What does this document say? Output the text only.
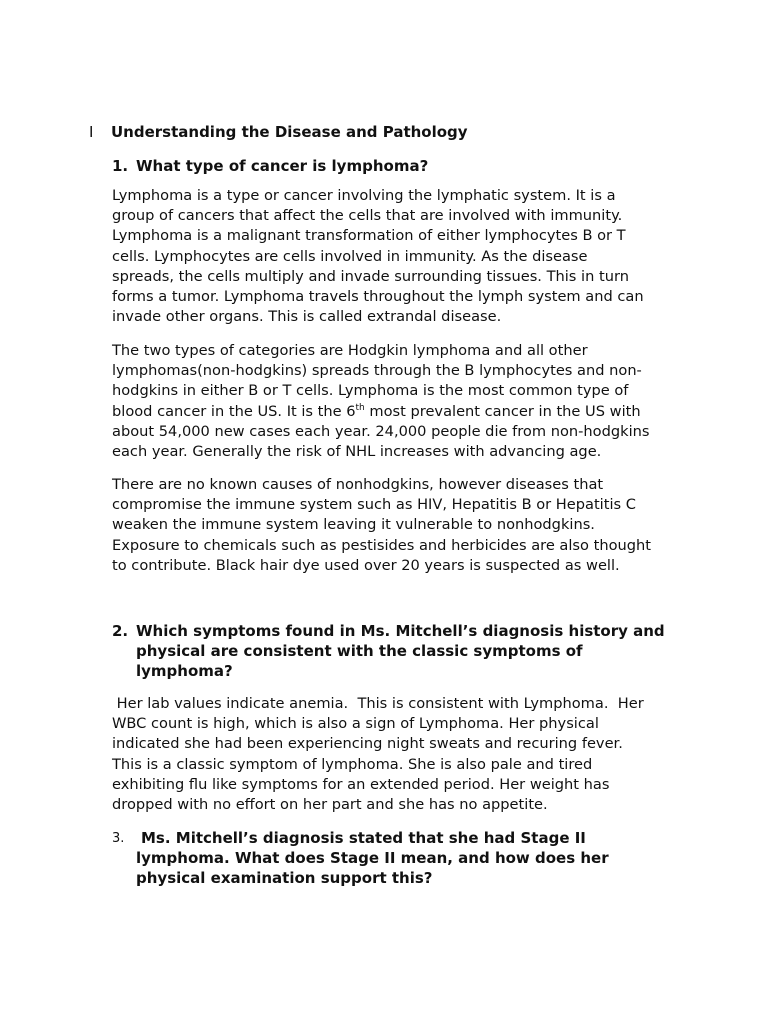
I Understanding the Disease and Pathology
1. What type of cancer is lymphoma?
Lymphoma is a type or cancer involving the lymphatic system. It is a
group of cancers that affect the cells that are involved with immunity.
Lymphoma is a malignant transformation of either lymphocytes B or T
cells. Lymphocytes are cells involved in immunity. As the disease
spreads, the cells multiply and invade surrounding tissues. This in turn
forms a tumor. Lymphoma travels throughout the lymph system and can
invade other organs. This is called extrandal disease.
The two types of categories are Hodgkin lymphoma and all other
lymphomas(non-hodgkins) spreads through the B lymphocytes and non-
hodgkins in either B or T cells. Lymphoma is the most common type of
blood cancer in the US. It is the 6th most prevalent cancer in the US with
about 54,000 new cases each year. 24,000 people die from non-hodgkins
each year. Generally the risk of NHL increases with advancing age.
There are no known causes of nonhodgkins, however diseases that
compromise the immune system such as HIV, Hepatitis B or Hepatitis C
weaken the immune system leaving it vulnerable to nonhodgkins.
Exposure to chemicals such as pestisides and herbicides are also thought
to contribute. Black hair dye used over 20 years is suspected as well.
2. Which symptoms found in Ms. Mitchell’s diagnosis history and
physical are consistent with the classic symptoms of
lymphoma?
Her lab values indicate anemia.  This is consistent with Lymphoma.  Her
WBC count is high, which is also a sign of Lymphoma. Her physical
indicated she had been experiencing night sweats and recuring fever.
This is a classic symptom of lymphoma. She is also pale and tired
exhibiting flu like symptoms for an extended period. Her weight has
dropped with no effort on her part and she has no appetite.
3.	Ms. Mitchell’s diagnosis stated that she had Stage II
lymphoma. What does Stage II mean, and how does her
physical examination support this?
